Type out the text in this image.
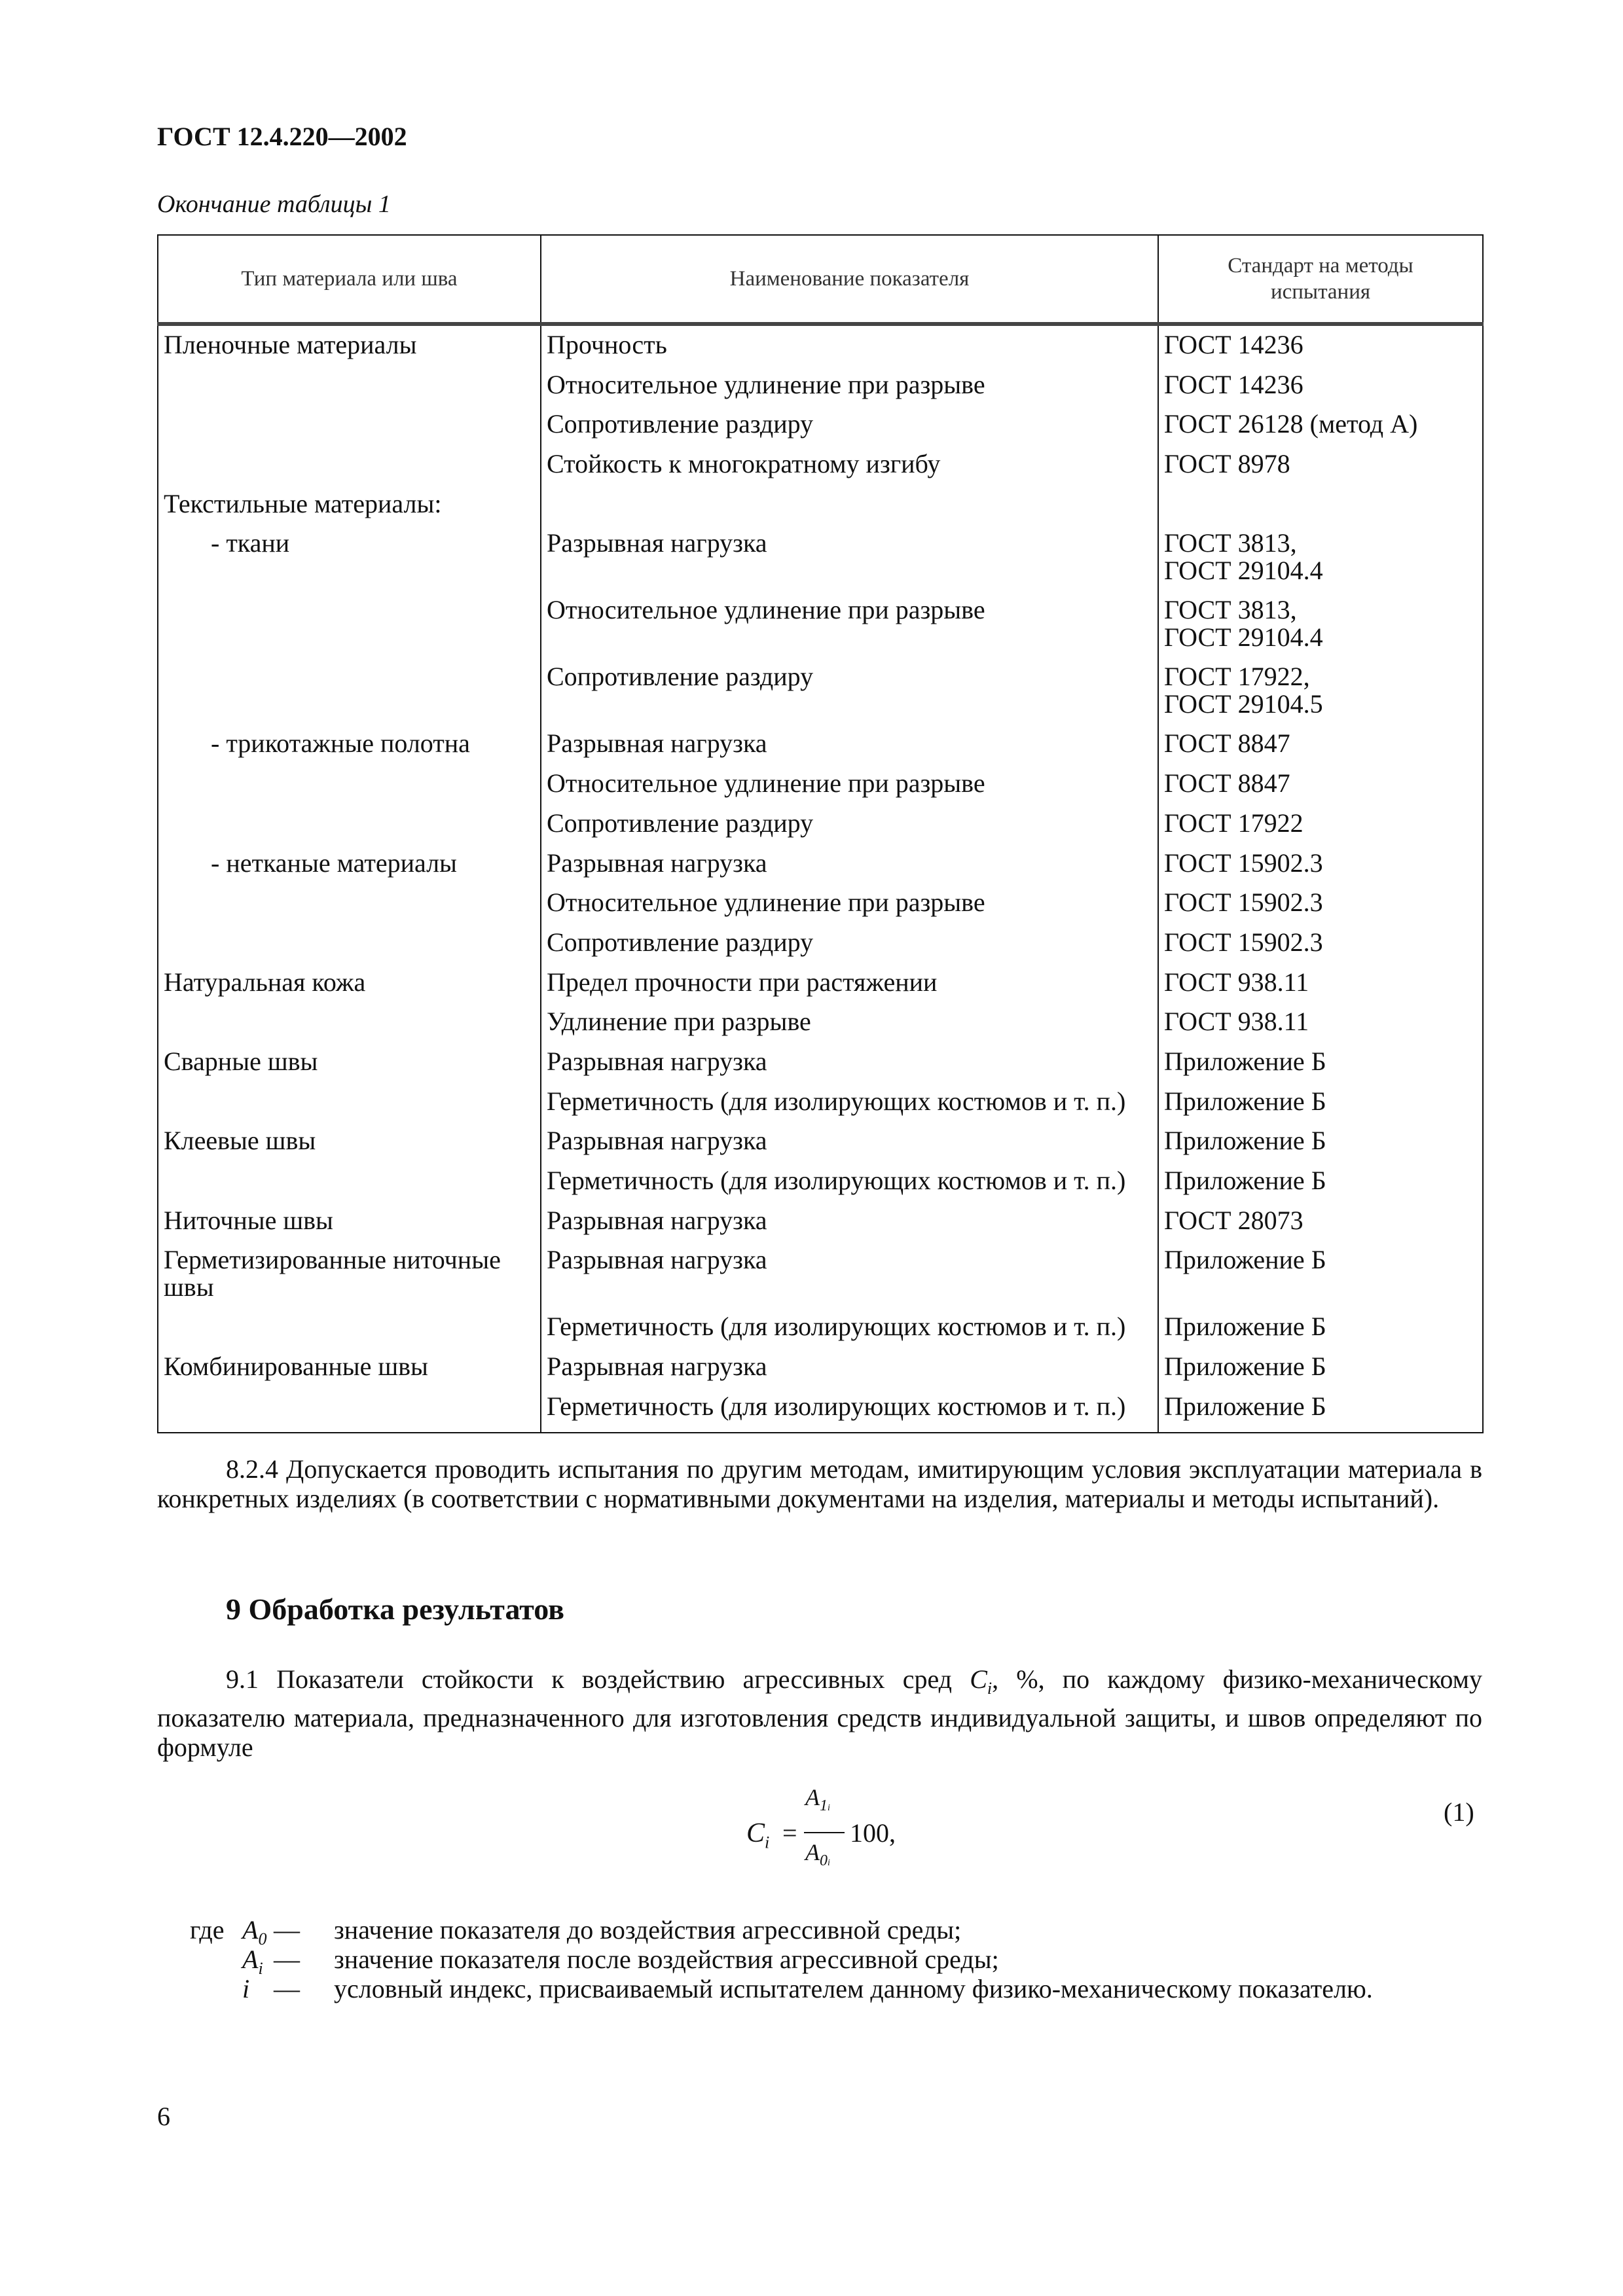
ГОСТ 12.4.220—2002
Окончание таблицы 1
Тип материала или шва	Наименование показателя	Стандарт на методы испытания
Пленочные материалы	Прочность	ГОСТ 14236
	Относительное удлинение при разрыве	ГОСТ 14236
	Сопротивление раздиру	ГОСТ 26128 (метод А)
	Стойкость к многократному изгибу	ГОСТ 8978
Текстильные материалы:		
- ткани	Разрывная нагрузка	ГОСТ 3813,
ГОСТ 29104.4
	Относительное удлинение при разрыве	ГОСТ 3813,
ГОСТ 29104.4
	Сопротивление раздиру	ГОСТ 17922,
ГОСТ 29104.5
- трикотажные полотна	Разрывная нагрузка	ГОСТ 8847
	Относительное удлинение при разрыве	ГОСТ 8847
	Сопротивление раздиру	ГОСТ 17922
- нетканые материалы	Разрывная нагрузка	ГОСТ 15902.3
	Относительное удлинение при разрыве	ГОСТ 15902.3
	Сопротивление раздиру	ГОСТ 15902.3
Натуральная кожа	Предел прочности при растяжении	ГОСТ 938.11
	Удлинение при разрыве	ГОСТ 938.11
Сварные швы	Разрывная нагрузка	Приложение Б
	Герметичность (для изолирующих костюмов и т. п.)	Приложение Б
Клеевые швы	Разрывная нагрузка	Приложение Б
	Герметичность (для изолирующих костюмов и т. п.)	Приложение Б
Ниточные швы	Разрывная нагрузка	ГОСТ 28073
Герметизированные ниточные
швы	Разрывная нагрузка	Приложение Б
	Герметичность (для изолирующих костюмов и т. п.)	Приложение Б
Комбинированные швы	Разрывная нагрузка	Приложение Б
	Герметичность (для изолирующих костюмов и т. п.)	Приложение Б
8.2.4 Допускается проводить испытания по другим методам, имитирующим условия эксплуатации материала в конкретных изделиях (в соответствии с нормативными документами на изделия, материалы и методы испытаний).
9 Обработка результатов
9.1 Показатели стойкости к воздействию агрессивных сред $C_i$, %, по каждому физико-механическому показателю материала, предназначенного для изготовления средств индивидуальной защиты, и швов определяют по формуле
$C_i$ =
$A_{1i}$
$A_{0i}$
100,
(1)
где $A_0$ — значение показателя до воздействия агрессивной среды;
$A_i$ — значение показателя после воздействия агрессивной среды;
i — условный индекс, присваиваемый испытателем данному физико-механическому показателю.
6
